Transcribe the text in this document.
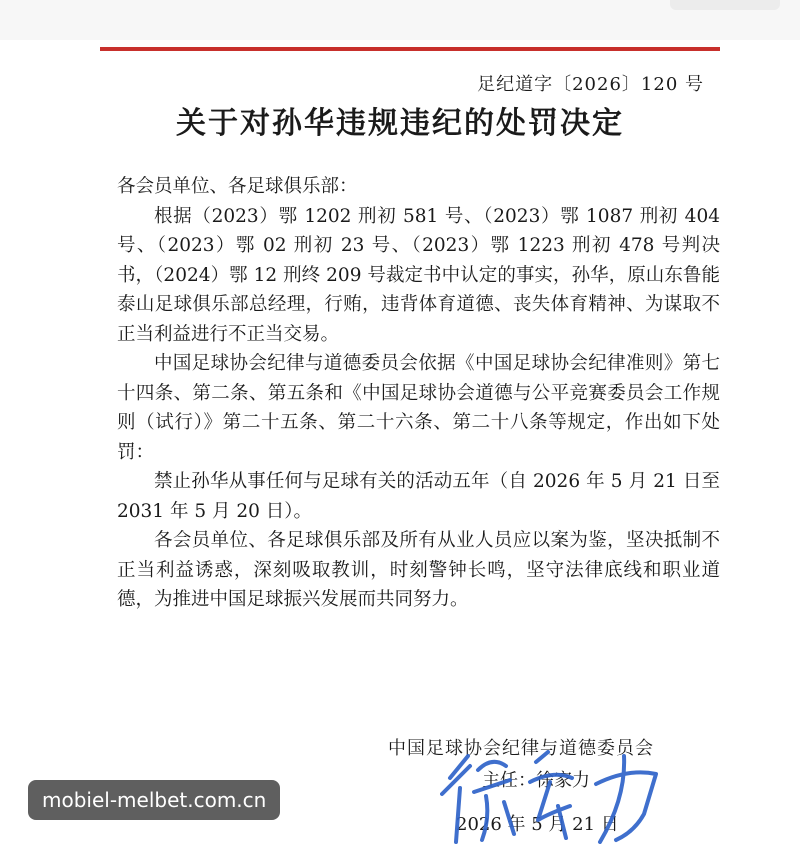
足纪道字〔2026〕120 号
关于对孙华违规违纪的处罚决定

各会员单位、各足球俱乐部：

根据（2023）鄂 1202 刑初 581 号、（2023）鄂 1087 刑初 404 号、（2023）鄂 02 刑初 23 号、（2023）鄂 1223 刑初 478 号判决书，（2024）鄂 12 刑终 209 号裁定书中认定的事实，孙华，原山东鲁能泰山足球俱乐部总经理，行贿，违背体育道德、丧失体育精神、为谋取不正当利益进行不正当交易。

中国足球协会纪律与道德委员会依据《中国足球协会纪律准则》第七十四条、第二条、第五条和《中国足球协会道德与公平竞赛委员会工作规则（试行）》第二十五条、第二十六条、第二十八条等规定，作出如下处罚：

禁止孙华从事任何与足球有关的活动五年（自 2026 年 5 月 21 日至 2031 年 5 月 20 日）。

各会员单位、各足球俱乐部及所有从业人员应以案为鉴，坚决抵制不正当利益诱惑，深刻吸取教训，时刻警钟长鸣，坚守法律底线和职业道德，为推进中国足球振兴发展而共同努力。

中国足球协会纪律与道德委员会
主任：徐家力
2026 年 5 月 21 日
mobiel-melbet.com.cn
